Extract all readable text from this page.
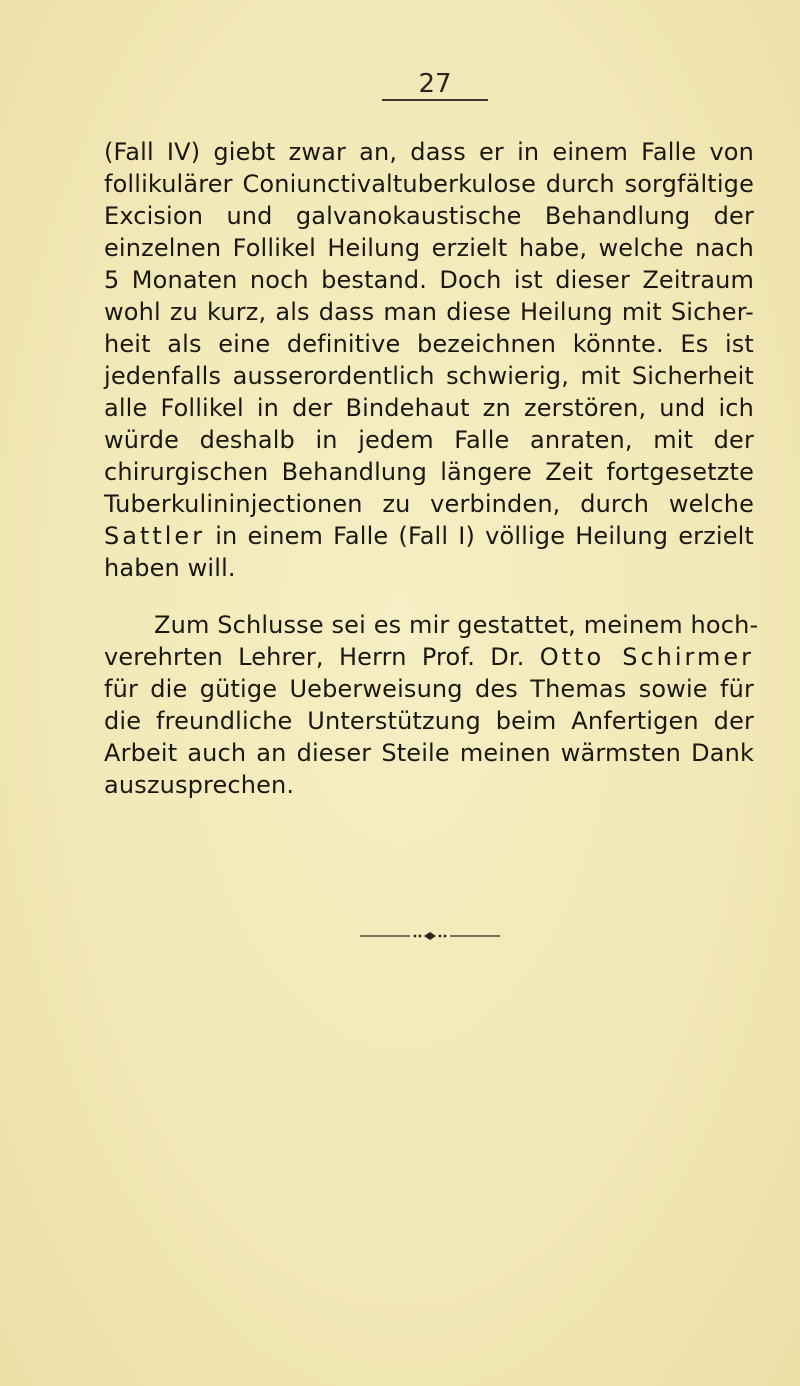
27
(Fall IV) giebt zwar an, dass er in einem Falle von
follikulärer Coniunctivaltuberkulose durch sorgfältige
Excision und galvanokaustische Behandlung der
einzelnen Follikel Heilung erzielt habe, welche nach
5 Monaten noch bestand. Doch ist dieser Zeitraum
wohl zu kurz, als dass man diese Heilung mit Sicher-
heit als eine definitive bezeichnen könnte. Es ist
jedenfalls ausserordentlich schwierig, mit Sicherheit
alle Follikel in der Bindehaut zn zerstören, und ich
würde deshalb in jedem Falle anraten, mit der
chirurgischen Behandlung längere Zeit fortgesetzte
Tuberkulininjectionen zu verbinden, durch welche
Sattler in einem Falle (Fall I) völlige Heilung erzielt
haben will.
Zum Schlusse sei es mir gestattet, meinem hoch-
verehrten Lehrer, Herrn Prof. Dr. Otto Schirmer
für die gütige Ueberweisung des Themas sowie für
die freundliche Unterstützung beim Anfertigen der
Arbeit auch an dieser Steile meinen wärmsten Dank
auszusprechen.
